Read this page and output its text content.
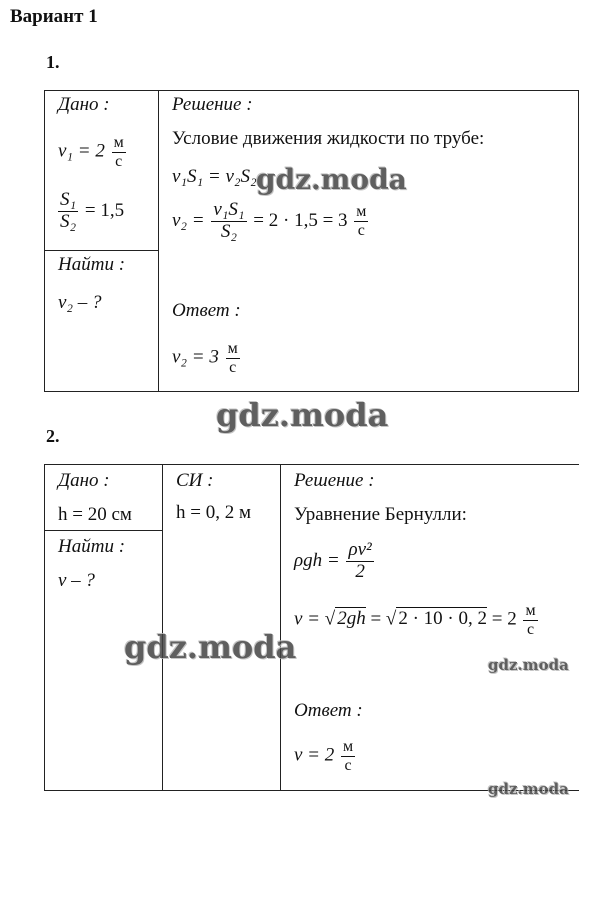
Вариант 1
1.
Дано :
$v_1 = 2 \frac{м}{с}$
$\frac{\text{S₁}}{\text{S₂}} = 1,5$
Найти :
v₂ – ?
Решение :
Условие движения жидкости по трубе:
v₁S₁ = v₂S₂
$v_2 = \frac{\text{v₁S₁}}{\text{S₂}} = 2 \cdot 1,5 = 3 \frac{м}{с}$
Ответ :
$v_2 = 3 \frac{м}{с}$
2.
Дано :
h = 20 см
Найти :
v – ?
СИ :
h = 0, 2 м
Решение :
Уравнение Бернулли:
$\rho gh = \frac{\text{ρv²}}{2}$
v = √ 2gh = √ 2 · 10 · 0, $2 = 2 \frac{м}{с}$
Ответ :
$v = 2 \frac{м}{с}$
gdz.moda
gdz.moda
gdz.moda	gdz.moda
gdz.moda
